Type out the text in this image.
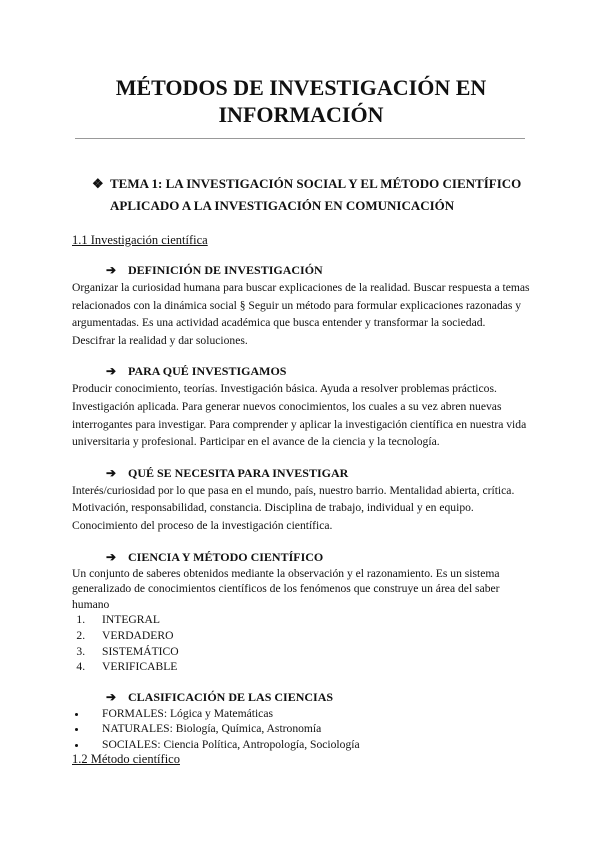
MÉTODOS DE INVESTIGACIÓN EN INFORMACIÓN
❖ TEMA 1: LA INVESTIGACIÓN SOCIAL Y EL MÉTODO CIENTÍFICO APLICADO A LA INVESTIGACIÓN EN COMUNICACIÓN
1.1 Investigación científica
➔ DEFINICIÓN DE INVESTIGACIÓN

Organizar la curiosidad humana para buscar explicaciones de la realidad. Buscar respuesta a temas relacionados con la dinámica social § Seguir un método para formular explicaciones razonadas y argumentadas. Es una actividad académica que busca entender y transformar la sociedad. Descifrar la realidad y dar soluciones.

➔ PARA QUÉ INVESTIGAMOS

Producir conocimiento, teorías. Investigación básica. Ayuda a resolver problemas prácticos. Investigación aplicada. Para generar nuevos conocimientos, los cuales a su vez abren nuevas interrogantes para investigar. Para comprender y aplicar la investigación científica en nuestra vida universitaria y profesional. Participar en el avance de la ciencia y la tecnología.

➔ QUÉ SE NECESITA PARA INVESTIGAR

Interés/curiosidad por lo que pasa en el mundo, país, nuestro barrio. Mentalidad abierta, crítica. Motivación, responsabilidad, constancia. Disciplina de trabajo, individual y en equipo. Conocimiento del proceso de la investigación científica.

➔ CIENCIA Y MÉTODO CIENTÍFICO

Un conjunto de saberes obtenidos mediante la observación y el razonamiento. Es un sistema generalizado de conocimientos científicos de los fenómenos que construye un área del saber humano

1. INTEGRAL
2. VERDADERO
3. SISTEMÁTICO
4. VERIFICABLE
➔ CLASIFICACIÓN DE LAS CIENCIAS
• FORMALES: Lógica y Matemáticas
• NATURALES: Biología, Química, Astronomía
• SOCIALES: Ciencia Política, Antropología, Sociología
1.2 Método científico
